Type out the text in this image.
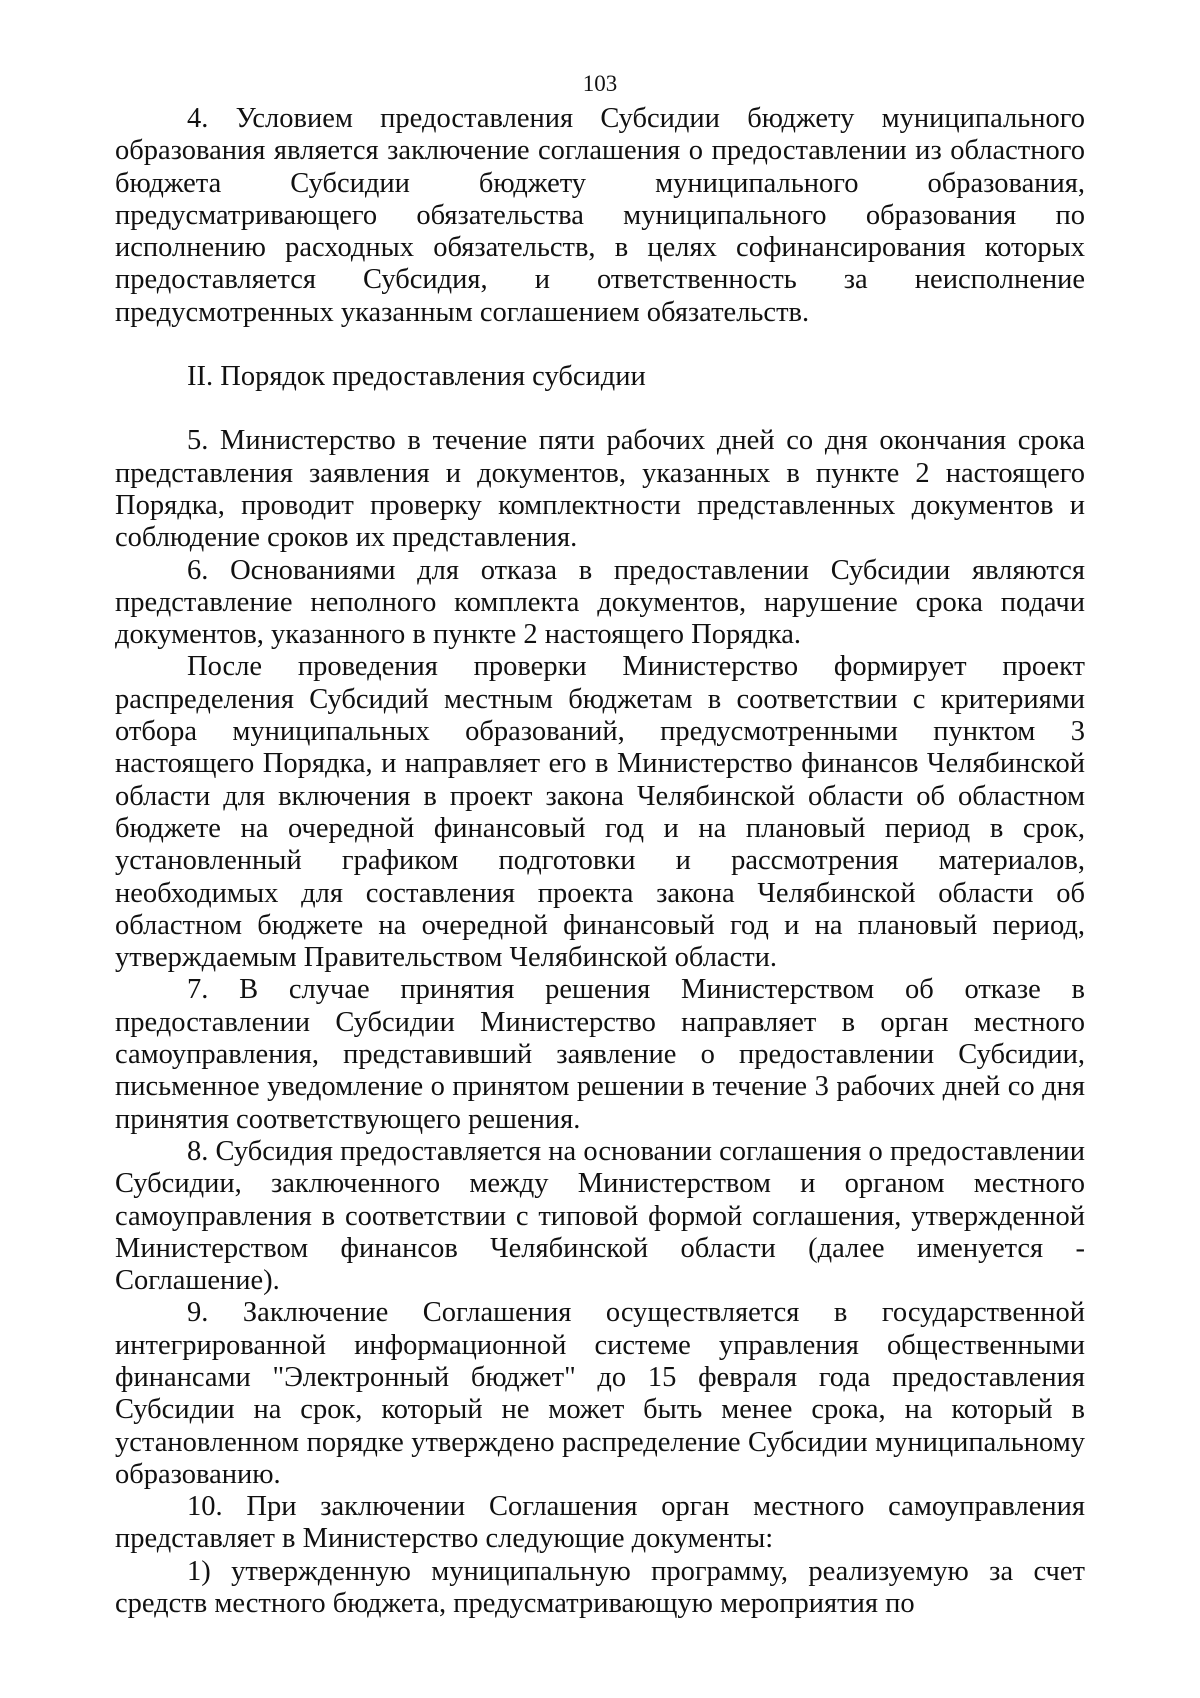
103

4. Условием предоставления Субсидии бюджету муниципального образования является заключение соглашения о предоставлении из областного бюджета Субсидии бюджету муниципального образования, предусматривающего обязательства муниципального образования по исполнению расходных обязательств, в целях софинансирования которых предоставляется Субсидия, и ответственность за неисполнение предусмотренных указанным соглашением обязательств.

II. Порядок предоставления субсидии

5. Министерство в течение пяти рабочих дней со дня окончания срока представления заявления и документов, указанных в пункте 2 настоящего Порядка, проводит проверку комплектности представленных документов и соблюдение сроков их представления.

6. Основаниями для отказа в предоставлении Субсидии являются представление неполного комплекта документов, нарушение срока подачи документов, указанного в пункте 2 настоящего Порядка.

После проведения проверки Министерство формирует проект распределения Субсидий местным бюджетам в соответствии с критериями отбора муниципальных образований, предусмотренными пунктом 3 настоящего Порядка, и направляет его в Министерство финансов Челябинской области для включения в проект закона Челябинской области об областном бюджете на очередной финансовый год и на плановый период в срок, установленный графиком подготовки и рассмотрения материалов, необходимых для составления проекта закона Челябинской области об областном бюджете на очередной финансовый год и на плановый период, утверждаемым Правительством Челябинской области.

7. В случае принятия решения Министерством об отказе в предоставлении Субсидии Министерство направляет в орган местного самоуправления, представивший заявление о предоставлении Субсидии, письменное уведомление о принятом решении в течение 3 рабочих дней со дня принятия соответствующего решения.

8. Субсидия предоставляется на основании соглашения о предоставлении Субсидии, заключенного между Министерством и органом местного самоуправления в соответствии с типовой формой соглашения, утвержденной Министерством финансов Челябинской области (далее именуется - Соглашение).

9. Заключение Соглашения осуществляется в государственной интегрированной информационной системе управления общественными финансами "Электронный бюджет" до 15 февраля года предоставления Субсидии на срок, который не может быть менее срока, на который в установленном порядке утверждено распределение Субсидии муниципальному образованию.

10. При заключении Соглашения орган местного самоуправления представляет в Министерство следующие документы:

1) утвержденную муниципальную программу, реализуемую за счет средств местного бюджета, предусматривающую мероприятия по
